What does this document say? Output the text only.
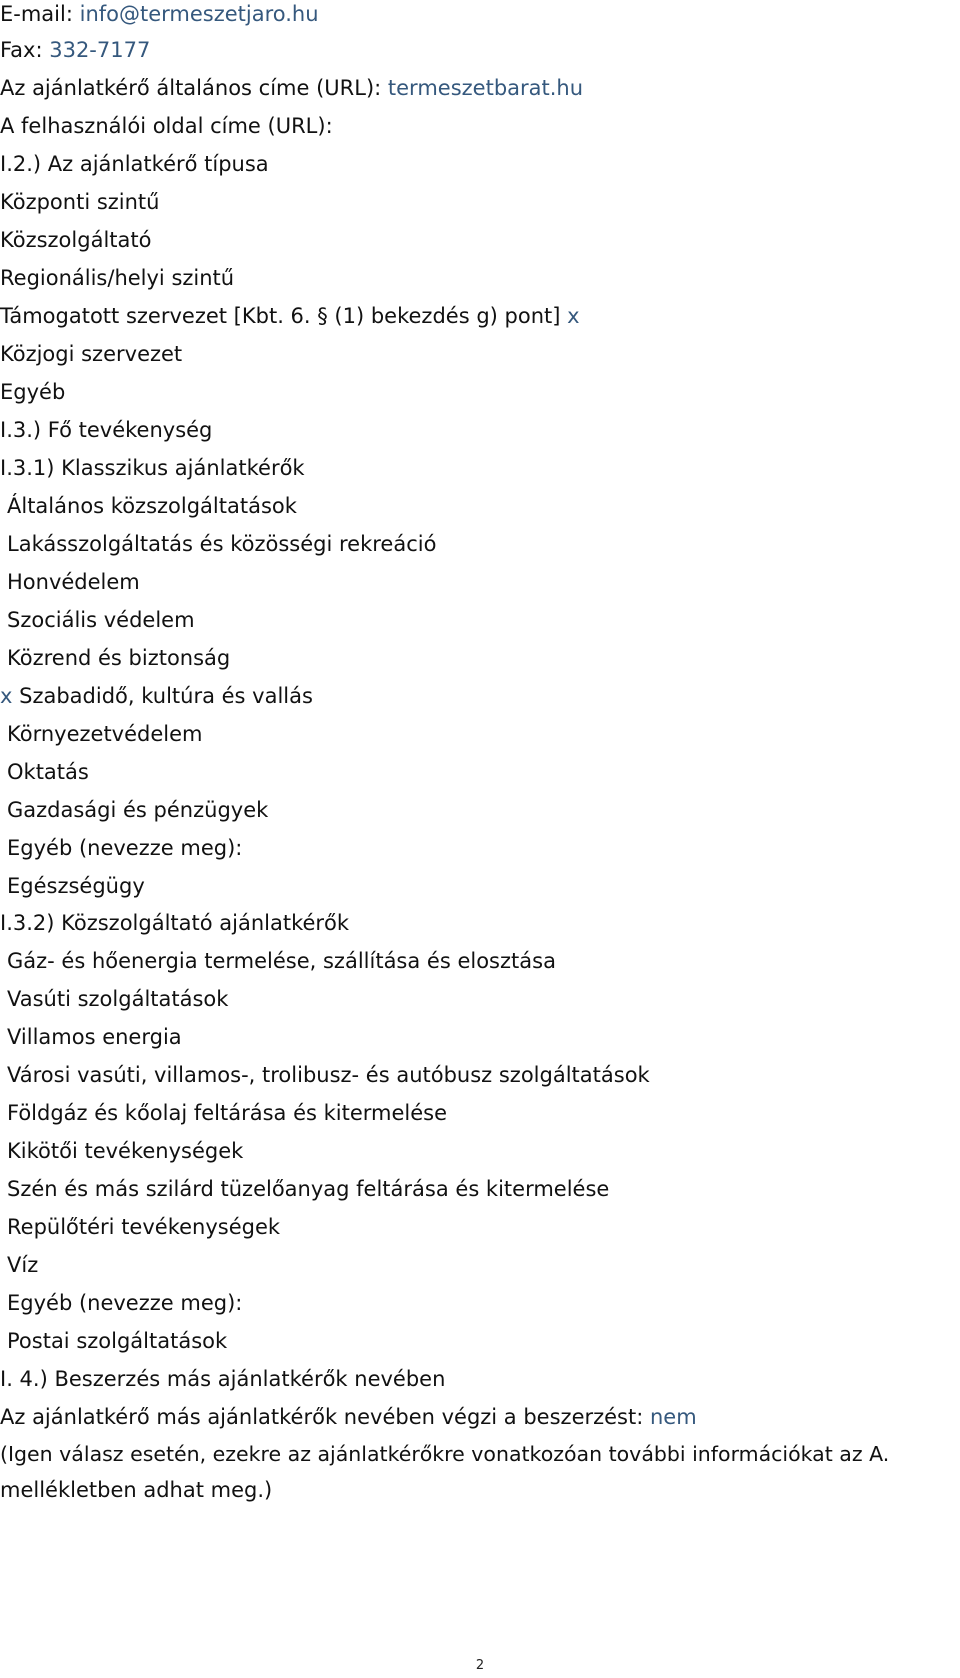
E-mail: info@termeszetjaro.hu
Fax: 332-7177
Az ajánlatkérő általános címe (URL): termeszetbarat.hu
A felhasználói oldal címe (URL):
I.2.) Az ajánlatkérő típusa
Központi szintű
Közszolgáltató
Regionális/helyi szintű
Támogatott szervezet [Kbt. 6. § (1) bekezdés g) pont] x
Közjogi szervezet
Egyéb
I.3.) Fő tevékenység
I.3.1) Klasszikus ajánlatkérők
Általános közszolgáltatások
Lakásszolgáltatás és közösségi rekreáció
Honvédelem
Szociális védelem
Közrend és biztonság
x Szabadidő, kultúra és vallás
Környezetvédelem
Oktatás
Gazdasági és pénzügyek
Egyéb (nevezze meg):
Egészségügy
I.3.2) Közszolgáltató ajánlatkérők
Gáz- és hőenergia termelése, szállítása és elosztása
Vasúti szolgáltatások
Villamos energia
Városi vasúti, villamos-, trolibusz- és autóbusz szolgáltatások
Földgáz és kőolaj feltárása és kitermelése
Kikötői tevékenységek
Szén és más szilárd tüzelőanyag feltárása és kitermelése
Repülőtéri tevékenységek
Víz
Egyéb (nevezze meg):
Postai szolgáltatások
I. 4.) Beszerzés más ajánlatkérők nevében
Az ajánlatkérő más ajánlatkérők nevében végzi a beszerzést: nem
(Igen válasz esetén, ezekre az ajánlatkérőkre vonatkozóan további információkat az A.
mellékletben adhat meg.)
2
